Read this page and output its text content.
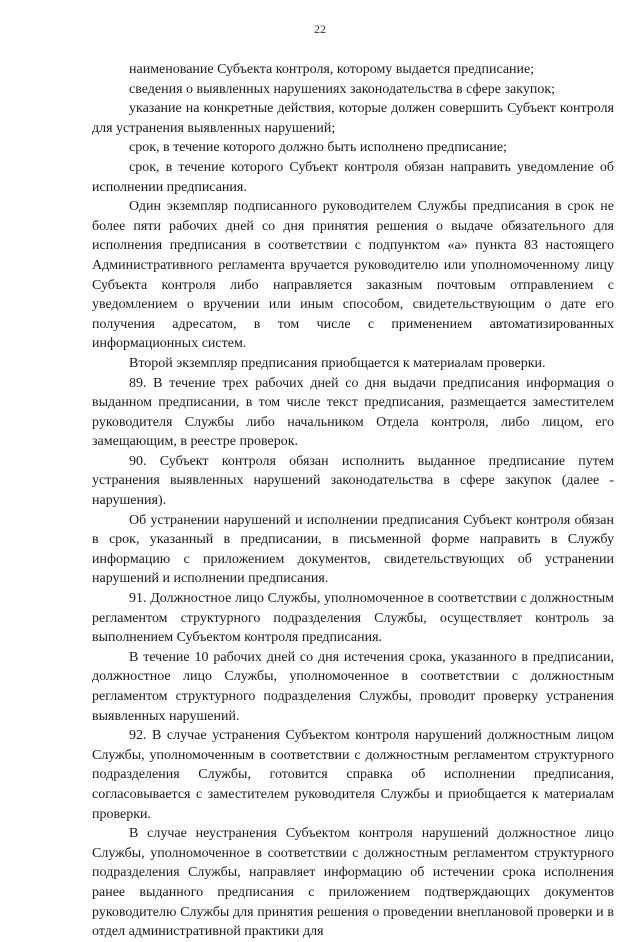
22

наименование Субъекта контроля, которому выдается предписание;

сведения о выявленных нарушениях законодательства в сфере закупок;

указание на конкретные действия, которые должен совершить Субъект контроля для устранения выявленных нарушений;

срок, в течение которого должно быть исполнено предписание;

срок, в течение которого Субъект контроля обязан направить уведомление об исполнении предписания.

Один экземпляр подписанного руководителем Службы предписания в срок не более пяти рабочих дней со дня принятия решения о выдаче обязательного для исполнения предписания в соответствии с подпунктом «а» пункта 83 настоящего Административного регламента вручается руководителю или уполномоченному лицу Субъекта контроля либо направляется заказным почтовым отправлением с уведомлением о вручении или иным способом, свидетельствующим о дате его получения адресатом, в том числе с применением автоматизированных информационных систем.

Второй экземпляр предписания приобщается к материалам проверки.

89. В течение трех рабочих дней со дня выдачи предписания информация о выданном предписании, в том числе текст предписания, размещается заместителем руководителя Службы либо начальником Отдела контроля, либо лицом, его замещающим, в реестре проверок.

90. Субъект контроля обязан исполнить выданное предписание путем устранения выявленных нарушений законодательства в сфере закупок (далее - нарушения).

Об устранении нарушений и исполнении предписания Субъект контроля обязан в срок, указанный в предписании, в письменной форме направить в Службу информацию с приложением документов, свидетельствующих об устранении нарушений и исполнении предписания.

91. Должностное лицо Службы, уполномоченное в соответствии с должностным регламентом структурного подразделения Службы, осуществляет контроль за выполнением Субъектом контроля предписания.

В течение 10 рабочих дней со дня истечения срока, указанного в предписании, должностное лицо Службы, уполномоченное в соответствии с должностным регламентом структурного подразделения Службы, проводит проверку устранения выявленных нарушений.

92. В случае устранения Субъектом контроля нарушений должностным лицом Службы, уполномоченным в соответствии с должностным регламентом структурного подразделения Службы, готовится справка об исполнении предписания, согласовывается с заместителем руководителя Службы и приобщается к материалам проверки.

В случае неустранения Субъектом контроля нарушений должностное лицо Службы, уполномоченное в соответствии с должностным регламентом структурного подразделения Службы, направляет информацию об истечении срока исполнения ранее выданного предписания с приложением подтверждающих документов руководителю Службы для принятия решения о проведении внеплановой проверки и в отдел административной практики для
